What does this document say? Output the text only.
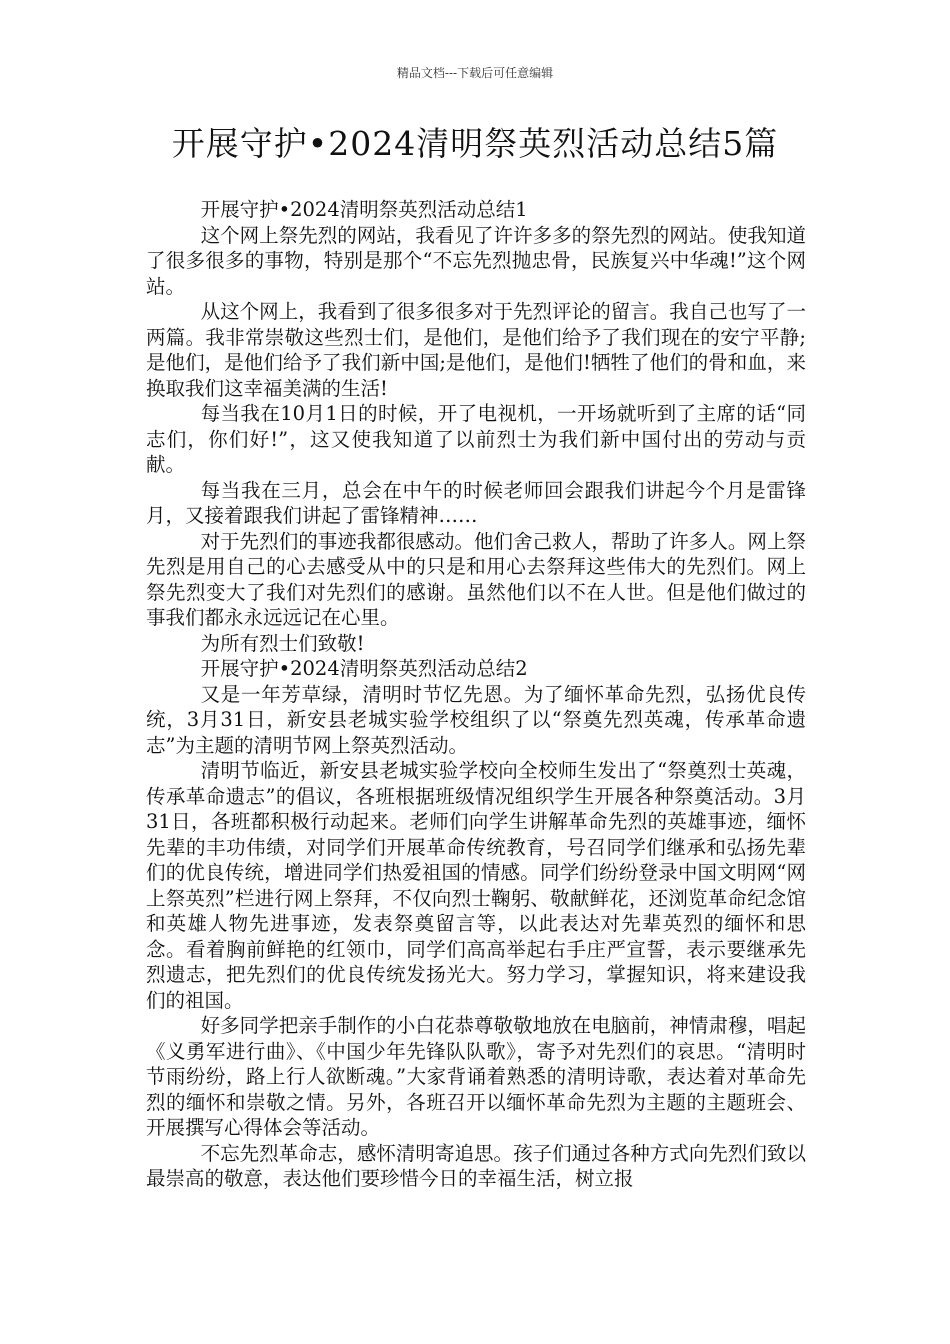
精品文档---下载后可任意编辑
开展守护•2024清明祭英烈活动总结5篇

开展守护•2024清明祭英烈活动总结1

这个网上祭先烈的网站，我看见了许许多多的祭先烈的网站。使我知道了很多很多的事物，特别是那个“不忘先烈抛忠骨，民族复兴中华魂!”这个网站。

从这个网上，我看到了很多很多对于先烈评论的留言。我自己也写了一两篇。我非常崇敬这些烈士们，是他们，是他们给予了我们现在的安宁平静;是他们，是他们给予了我们新中国;是他们，是他们!牺牲了他们的骨和血，来换取我们这幸福美满的生活!

每当我在10月1日的时候，开了电视机，一开场就听到了主席的话“同志们，你们好!”，这又使我知道了以前烈士为我们新中国付出的劳动与贡献。

每当我在三月，总会在中午的时候老师回会跟我们讲起今个月是雷锋月，又接着跟我们讲起了雷锋精神……

对于先烈们的事迹我都很感动。他们舍己救人，帮助了许多人。网上祭先烈是用自己的心去感受从中的只是和用心去祭拜这些伟大的先烈们。网上祭先烈变大了我们对先烈们的感谢。虽然他们以不在人世。但是他们做过的事我们都永永远远记在心里。

为所有烈士们致敬!

开展守护•2024清明祭英烈活动总结2

又是一年芳草绿，清明时节忆先恩。为了缅怀革命先烈，弘扬优良传统，3月31日，新安县老城实验学校组织了以“祭奠先烈英魂，传承革命遗志”为主题的清明节网上祭英烈活动。

清明节临近，新安县老城实验学校向全校师生发出了“祭奠烈士英魂，传承革命遗志”的倡议，各班根据班级情况组织学生开展各种祭奠活动。3月31日，各班都积极行动起来。老师们向学生讲解革命先烈的英雄事迹，缅怀先辈的丰功伟绩，对同学们开展革命传统教育，号召同学们继承和弘扬先辈们的优良传统，增进同学们热爱祖国的情感。同学们纷纷登录中国文明网“网上祭英烈”栏进行网上祭拜，不仅向烈士鞠躬、敬献鲜花，还浏览革命纪念馆和英雄人物先进事迹，发表祭奠留言等，以此表达对先辈英烈的缅怀和思念。看着胸前鲜艳的红领巾，同学们高高举起右手庄严宣誓，表示要继承先烈遗志，把先烈们的优良传统发扬光大。努力学习，掌握知识，将来建设我们的祖国。

好多同学把亲手制作的小白花恭尊敬敬地放在电脑前，神情肃穆，唱起《义勇军进行曲》、《中国少年先锋队队歌》，寄予对先烈们的哀思。“清明时节雨纷纷，路上行人欲断魂。”大家背诵着熟悉的清明诗歌，表达着对革命先烈的缅怀和崇敬之情。另外，各班召开以缅怀革命先烈为主题的主题班会、开展撰写心得体会等活动。

不忘先烈革命志，感怀清明寄追思。孩子们通过各种方式向先烈们致以最崇高的敬意，表达他们要珍惜今日的幸福生活，树立报
